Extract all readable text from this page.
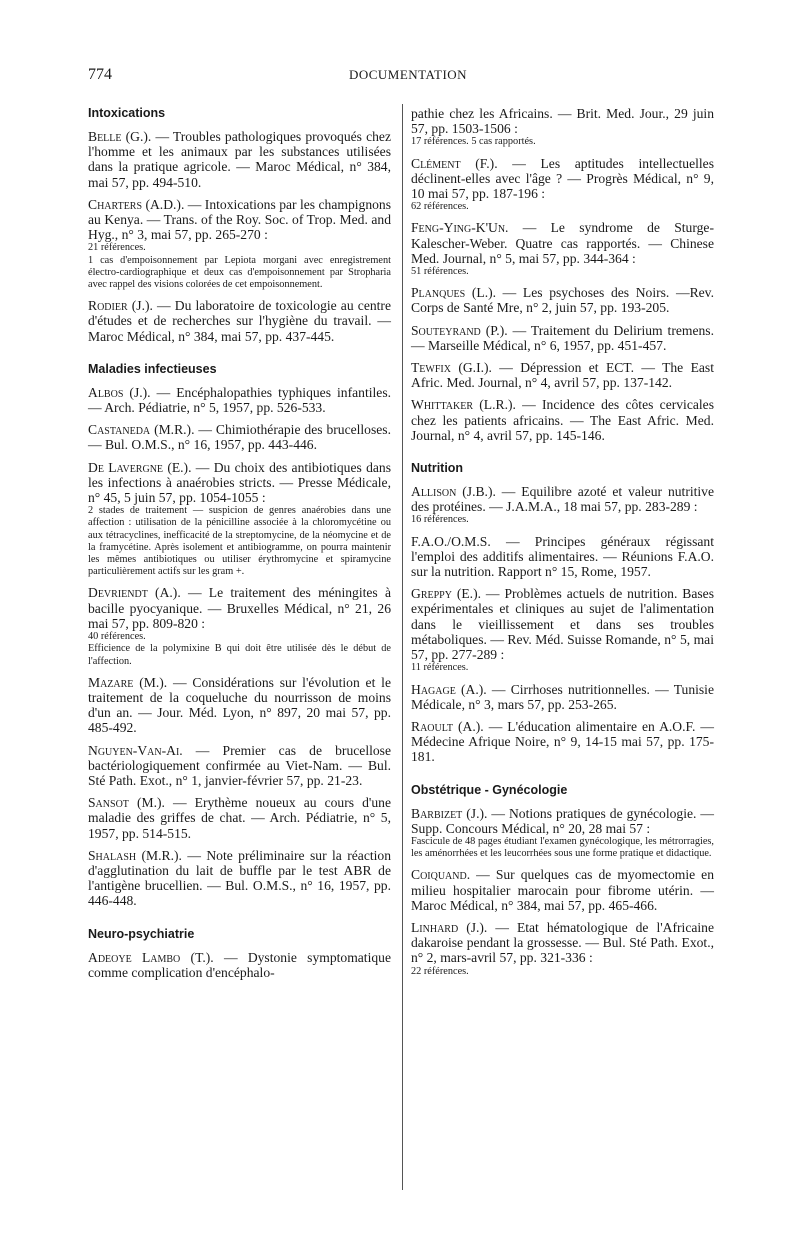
774	DOCUMENTATION
Intoxications

Belle (G.). — Troubles pathologiques provoqués chez l'homme et les animaux par les substances utilisées dans la pratique agricole. — Maroc Médical, n° 384, mai 57, pp. 494-510.

Charters (A.D.). — Intoxications par les champignons au Kenya. — Trans. of the Roy. Soc. of Trop. Med. and Hyg., n° 3, mai 57, pp. 265-270 :

21 références.

1 cas d'empoisonnement par Lepiota morgani avec enregistrement électro-cardiographique et deux cas d'empoisonnement par Stropharia avec rappel des visions colorées de cet empoisonnement.

Rodier (J.). — Du laboratoire de toxicologie au centre d'études et de recherches sur l'hygiène du travail. — Maroc Médical, n° 384, mai 57, pp. 437-445.

Maladies infectieuses

Albos (J.). — Encéphalopathies typhiques infantiles. — Arch. Pédiatrie, n° 5, 1957, pp. 526-533.

Castaneda (M.R.). — Chimiothérapie des brucelloses. — Bul. O.M.S., n° 16, 1957, pp. 443-446.

De Lavergne (E.). — Du choix des antibiotiques dans les infections à anaérobies stricts. — Presse Médicale, n° 45, 5 juin 57, pp. 1054-1055 :

2 stades de traitement — suspicion de genres anaérobies dans une affection : utilisation de la pénicilline associée à la chloromycétine ou aux tétracyclines, inefficacité de la streptomycine, de la néomycine et de la framycétine. Après isolement et antibiogramme, on pourra maintenir les mêmes antibiotiques ou utiliser érythromycine et spiramycine particulièrement actifs sur les gram +.

Devriendt (A.). — Le traitement des méningites à bacille pyocyanique. — Bruxelles Médical, n° 21, 26 mai 57, pp. 809-820 :

40 références.

Efficience de la polymixine B qui doit être utilisée dès le début de l'affection.

Mazare (M.). — Considérations sur l'évolution et le traitement de la coqueluche du nourrisson de moins d'un an. — Jour. Méd. Lyon, n° 897, 20 mai 57, pp. 485-492.

Nguyen-Van-Ai. — Premier cas de brucellose bactériologiquement confirmée au Viet-Nam. — Bul. Sté Path. Exot., n° 1, janvier-février 57, pp. 21-23.

Sansot (M.). — Erythème noueux au cours d'une maladie des griffes de chat. — Arch. Pédiatrie, n° 5, 1957, pp. 514-515.

Shalash (M.R.). — Note préliminaire sur la réaction d'agglutination du lait de buffle par le test ABR de l'antigène brucellien. — Bul. O.M.S., n° 16, 1957, pp. 446-448.

Neuro-psychiatrie

Adeoye Lambo (T.). — Dystonie symptomatique comme complication d'encéphalo-

pathie chez les Africains. — Brit. Med. Jour., 29 juin 57, pp. 1503-1506 :

17 références. 5 cas rapportés.

Clément (F.). — Les aptitudes intellectuelles déclinent-elles avec l'âge ? — Progrès Médical, n° 9, 10 mai 57, pp. 187-196 :

62 références.

Feng-Ying-K'Un. — Le syndrome de Sturge-Kalescher-Weber. Quatre cas rapportés. — Chinese Med. Journal, n° 5, mai 57, pp. 344-364 :

51 références.

Planques (L.). — Les psychoses des Noirs. —Rev. Corps de Santé Mre, n° 2, juin 57, pp. 193-205.

Souteyrand (P.). — Traitement du Delirium tremens. — Marseille Médical, n° 6, 1957, pp. 451-457.

Tewfix (G.I.). — Dépression et ECT. — The East Afric. Med. Journal, n° 4, avril 57, pp. 137-142.

Whittaker (L.R.). — Incidence des côtes cervicales chez les patients africains. — The East Afric. Med. Journal, n° 4, avril 57, pp. 145-146.

Nutrition

Allison (J.B.). — Equilibre azoté et valeur nutritive des protéines. — J.A.M.A., 18 mai 57, pp. 283-289 :

16 références.

F.A.O./O.M.S. — Principes généraux régissant l'emploi des additifs alimentaires. — Réunions F.A.O. sur la nutrition. Rapport n° 15, Rome, 1957.

Greppy (E.). — Problèmes actuels de nutrition. Bases expérimentales et cliniques au sujet de l'alimentation dans le vieillissement et dans ses troubles métaboliques. — Rev. Méd. Suisse Romande, n° 5, mai 57, pp. 277-289 :

11 références.

Hagage (A.). — Cirrhoses nutritionnelles. — Tunisie Médicale, n° 3, mars 57, pp. 253-265.

Raoult (A.). — L'éducation alimentaire en A.O.F. — Médecine Afrique Noire, n° 9, 14-15 mai 57, pp. 175-181.

Obstétrique - Gynécologie

Barbizet (J.). — Notions pratiques de gynécologie. — Supp. Concours Médical, n° 20, 28 mai 57 :

Fascicule de 48 pages étudiant l'examen gynécologique, les métrorragies, les aménorrhées et les leucorrhées sous une forme pratique et didactique.

Coiquand. — Sur quelques cas de myomectomie en milieu hospitalier marocain pour fibrome utérin. — Maroc Médical, n° 384, mai 57, pp. 465-466.

Linhard (J.). — Etat hématologique de l'Africaine dakaroise pendant la grossesse. — Bul. Sté Path. Exot., n° 2, mars-avril 57, pp. 321-336 :

22 références.
